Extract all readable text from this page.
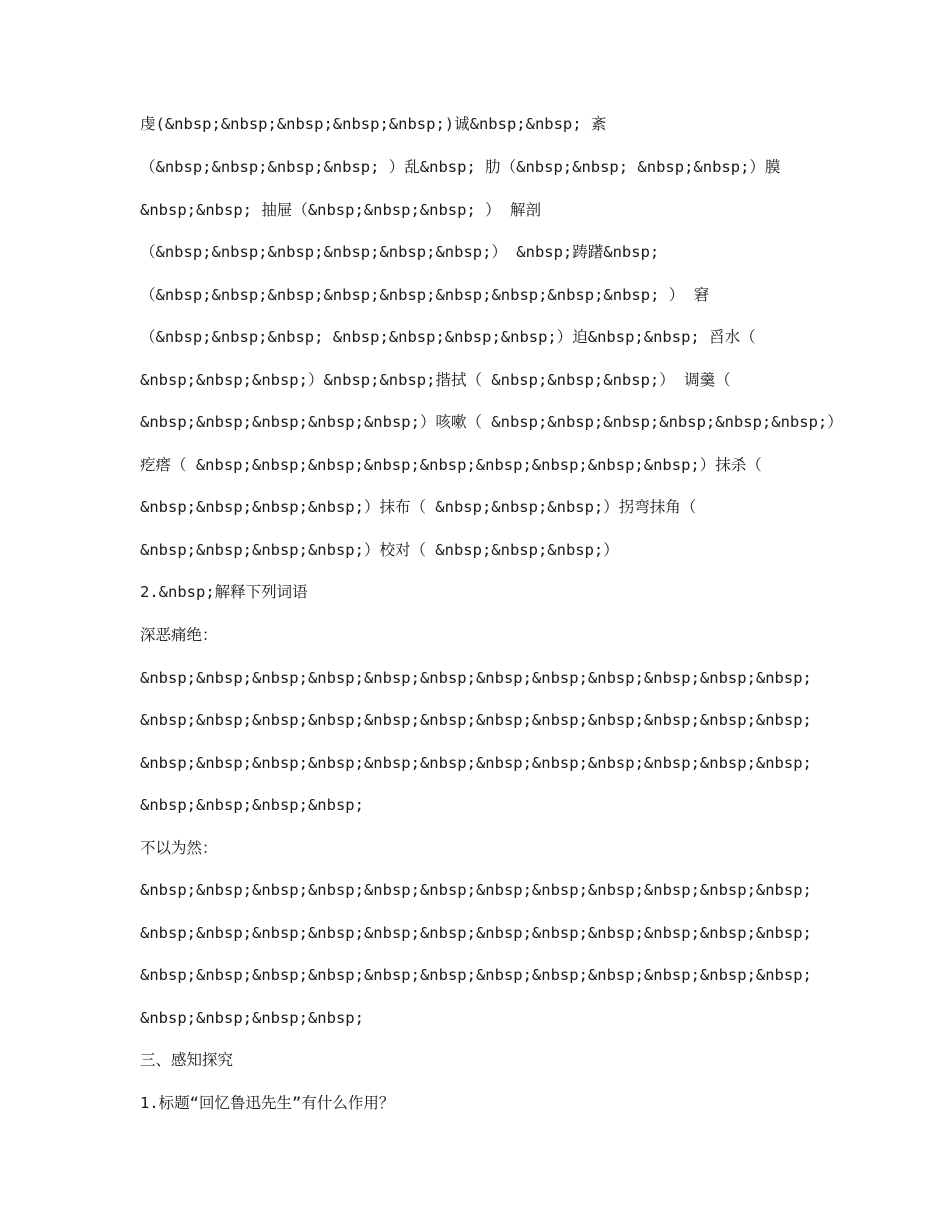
虔(&nbsp;&nbsp;&nbsp;&nbsp;&nbsp;)诚&nbsp;&nbsp; 紊
（&nbsp;&nbsp;&nbsp;&nbsp; ）乱&nbsp; 肋（&nbsp;&nbsp; &nbsp;&nbsp;）膜
&nbsp;&nbsp; 抽屉（&nbsp;&nbsp;&nbsp; ） 解剖
（&nbsp;&nbsp;&nbsp;&nbsp;&nbsp;&nbsp;） &nbsp;踌躇&nbsp;
（&nbsp;&nbsp;&nbsp;&nbsp;&nbsp;&nbsp;&nbsp;&nbsp;&nbsp; ） 窘
（&nbsp;&nbsp;&nbsp; &nbsp;&nbsp;&nbsp;&nbsp;）迫&nbsp;&nbsp; 舀水（
&nbsp;&nbsp;&nbsp;）&nbsp;&nbsp;揩拭（ &nbsp;&nbsp;&nbsp;） 调羹（
&nbsp;&nbsp;&nbsp;&nbsp;&nbsp;）咳嗽（ &nbsp;&nbsp;&nbsp;&nbsp;&nbsp;&nbsp;）
疙瘩（ &nbsp;&nbsp;&nbsp;&nbsp;&nbsp;&nbsp;&nbsp;&nbsp;&nbsp;）抹杀（
&nbsp;&nbsp;&nbsp;&nbsp;）抹布（ &nbsp;&nbsp;&nbsp;）拐弯抹角（
&nbsp;&nbsp;&nbsp;&nbsp;）校对（ &nbsp;&nbsp;&nbsp;）
2.&nbsp;解释下列词语
深恶痛绝：
&nbsp;&nbsp;&nbsp;&nbsp;&nbsp;&nbsp;&nbsp;&nbsp;&nbsp;&nbsp;&nbsp;&nbsp;
&nbsp;&nbsp;&nbsp;&nbsp;&nbsp;&nbsp;&nbsp;&nbsp;&nbsp;&nbsp;&nbsp;&nbsp;
&nbsp;&nbsp;&nbsp;&nbsp;&nbsp;&nbsp;&nbsp;&nbsp;&nbsp;&nbsp;&nbsp;&nbsp;
&nbsp;&nbsp;&nbsp;&nbsp;
不以为然：
&nbsp;&nbsp;&nbsp;&nbsp;&nbsp;&nbsp;&nbsp;&nbsp;&nbsp;&nbsp;&nbsp;&nbsp;
&nbsp;&nbsp;&nbsp;&nbsp;&nbsp;&nbsp;&nbsp;&nbsp;&nbsp;&nbsp;&nbsp;&nbsp;
&nbsp;&nbsp;&nbsp;&nbsp;&nbsp;&nbsp;&nbsp;&nbsp;&nbsp;&nbsp;&nbsp;&nbsp;
&nbsp;&nbsp;&nbsp;&nbsp;
三、感知探究
1.标题“回忆鲁迅先生”有什么作用？
